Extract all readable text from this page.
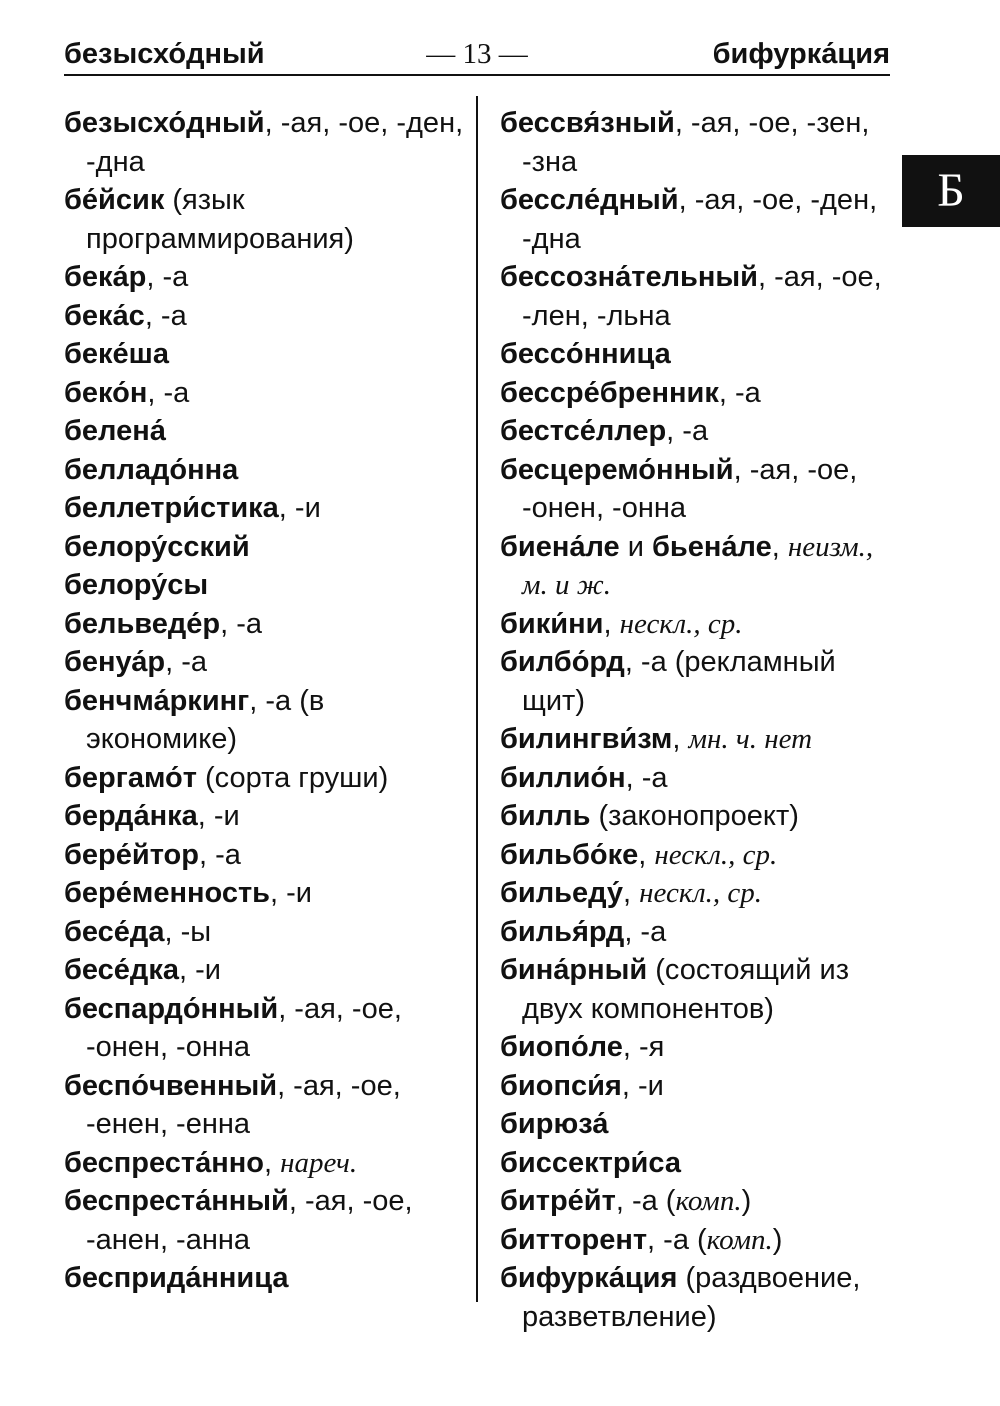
безысхо́дный	— 13 —	бифурка́ция
Б
безысхо́дный, -ая, -ое, -ден, -дна
бе́йсик (язык программирования)
бека́р, -а
бека́с, -а
беке́ша
беко́н, -а
белена́
белладо́нна
беллетри́стика, -и
белору́сский
белору́сы
бельведе́р, -а
бенуа́р, -а
бенчма́ркинг, -а (в экономике)
бергамо́т (сорта груши)
берда́нка, -и
бере́йтор, -а
бере́менность, -и
бесе́да, -ы
бесе́дка, -и
беспардо́нный, -ая, -ое, -онен, -онна
беспо́чвенный, -ая, -ое, -енен, -енна
беспреста́нно, нареч.
беспреста́нный, -ая, -ое, -анен, -анна
бесприда́нница
бессвя́зный, -ая, -ое, -зен, -зна
бессле́дный, -ая, -ое, -ден, -дна
бессозна́тельный, -ая, -ое, -лен, -льна
бессо́нница
бессре́бренник, -а
бестсе́ллер, -а
бесцеремо́нный, -ая, -ое, -онен, -онна
биена́ле и бьена́ле, неизм., м. и ж.
бики́ни, нескл., ср.
билбо́рд, -а (рекламный щит)
билингви́зм, мн. ч. нет
биллио́н, -а
билль (законопроект)
бильбо́ке, нескл., ср.
бильеду́, нескл., ср.
билья́рд, -а
бина́рный (состоящий из двух компонентов)
биопо́ле, -я
биопси́я, -и
бирюза́
биссектри́са
битре́йт, -а (комп.)
битторент, -а (комп.)
бифурка́ция (раздвоение, разветвление)
